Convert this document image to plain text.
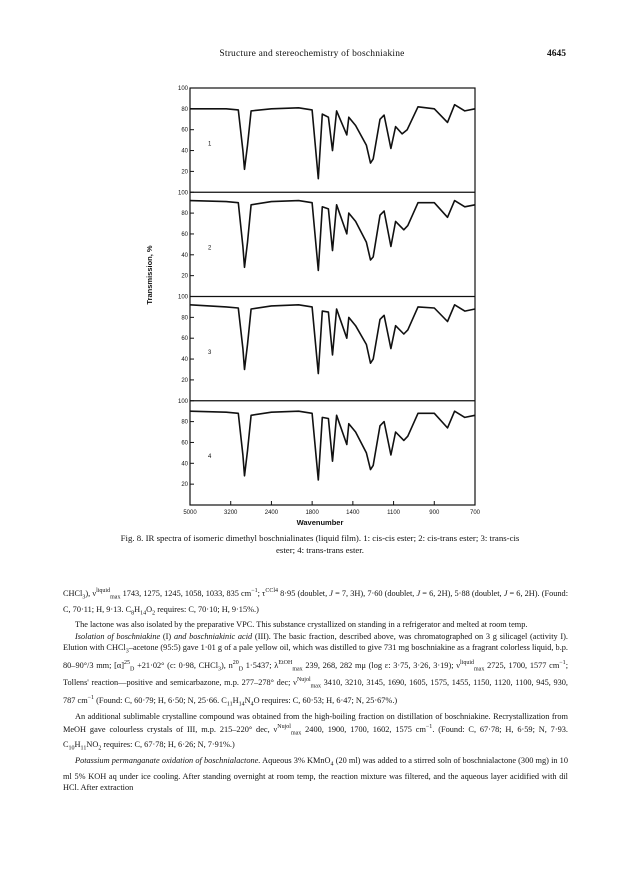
Structure and stereochemistry of boschniakine	4645
100
80
60
40
20
100
80
60
40
20
100
80
60
40
20
100
80
60
40
20
5000	3200	2400	1800	1400	1100	900	700
1
2
3
4
Transmission, %
Wavenumber
Fig. 8. IR spectra of isomeric dimethyl boschnialinates (liquid film). 1: cis-cis ester; 2: cis-trans ester; 3: trans-cis ester; 4: trans-trans ester.

CHCl$_3$), $\nu^{liquid}_{max}$ 1743, 1275, 1245, 1058, 1033, 835 $cm^{-1}$; $\tau^{CCl4}$ 8·95 (doublet, J = 7, 3H), 7·60 (doublet, J = 6, 2H), 5·88 (doublet, J = 6, 2H). (Found: C, 70·11; H, 9·13. $C_8H_{14}O_2$ requires: C, 70·10; H, 9·15%.)

The lactone was also isolated by the preparative VPC. This substance crystallized on standing in a refrigerator and melted at room temp.

Isolation of boschniakine (I) and boschniakinic acid (III). The basic fraction, described above, was chromatographed on 3 g silicagel (activity I). Elution with CHCl$_3$–acetone (95:5) gave 1·01 g of a pale yellow oil, which was distilled to give 731 mg boschniakine as a fragrant colorless liquid, b.p. 80–90°/3 mm; $[\alpha]^{25}_D +21\cdot 02^\circ$ (c: 0·98, CHCl$_3$), $n^{20}_D$ 1·5437; $\lambda^{EtOH}_{max}$ 239, 268, 282 mμ (log ε: 3·75, 3·26, 3·19); $\nu^{liquid}_{max}$ 2725, 1700, 1577 $cm^{-1}$; Tollens' reaction—positive and semicarbazone, m.p. 277–278° dec; $\nu^{Nujol}_{max}$ 3410, 3210, 3145, 1690, 1605, 1575, 1455, 1150, 1120, 1100, 945, 930, 787 $cm^{-1}$ (Found: C, 60·79; H, 6·50; N, 25·66. $C_{11}H_{14}N_4O$ requires: C, 60·53; H, 6·47; N, 25·67%.)

An additional sublimable crystalline compound was obtained from the high-boiling fraction on distillation of boschniakine. Recrystallization from MeOH gave colourless crystals of III, m.p. 215–220° dec, $\nu^{Nujol}_{max}$ 2400, 1900, 1700, 1602, 1575 $cm^{-1}$. (Found: C, 67·78; H, 6·59; N, 7·93. $C_{10}H_{11}NO_2$ requires: C, 67·78; H, 6·26; N, 7·91%.)

Potassium permanganate oxidation of boschnialactone. Aqueous 3% KMnO$_4$ (20 ml) was added to a stirred soln of boschnialactone (300 mg) in 10 ml 5% KOH aq under ice cooling. After standing overnight at room temp, the reaction mixture was filtered, and the aqueous layer acidified with dil HCl. After extraction
